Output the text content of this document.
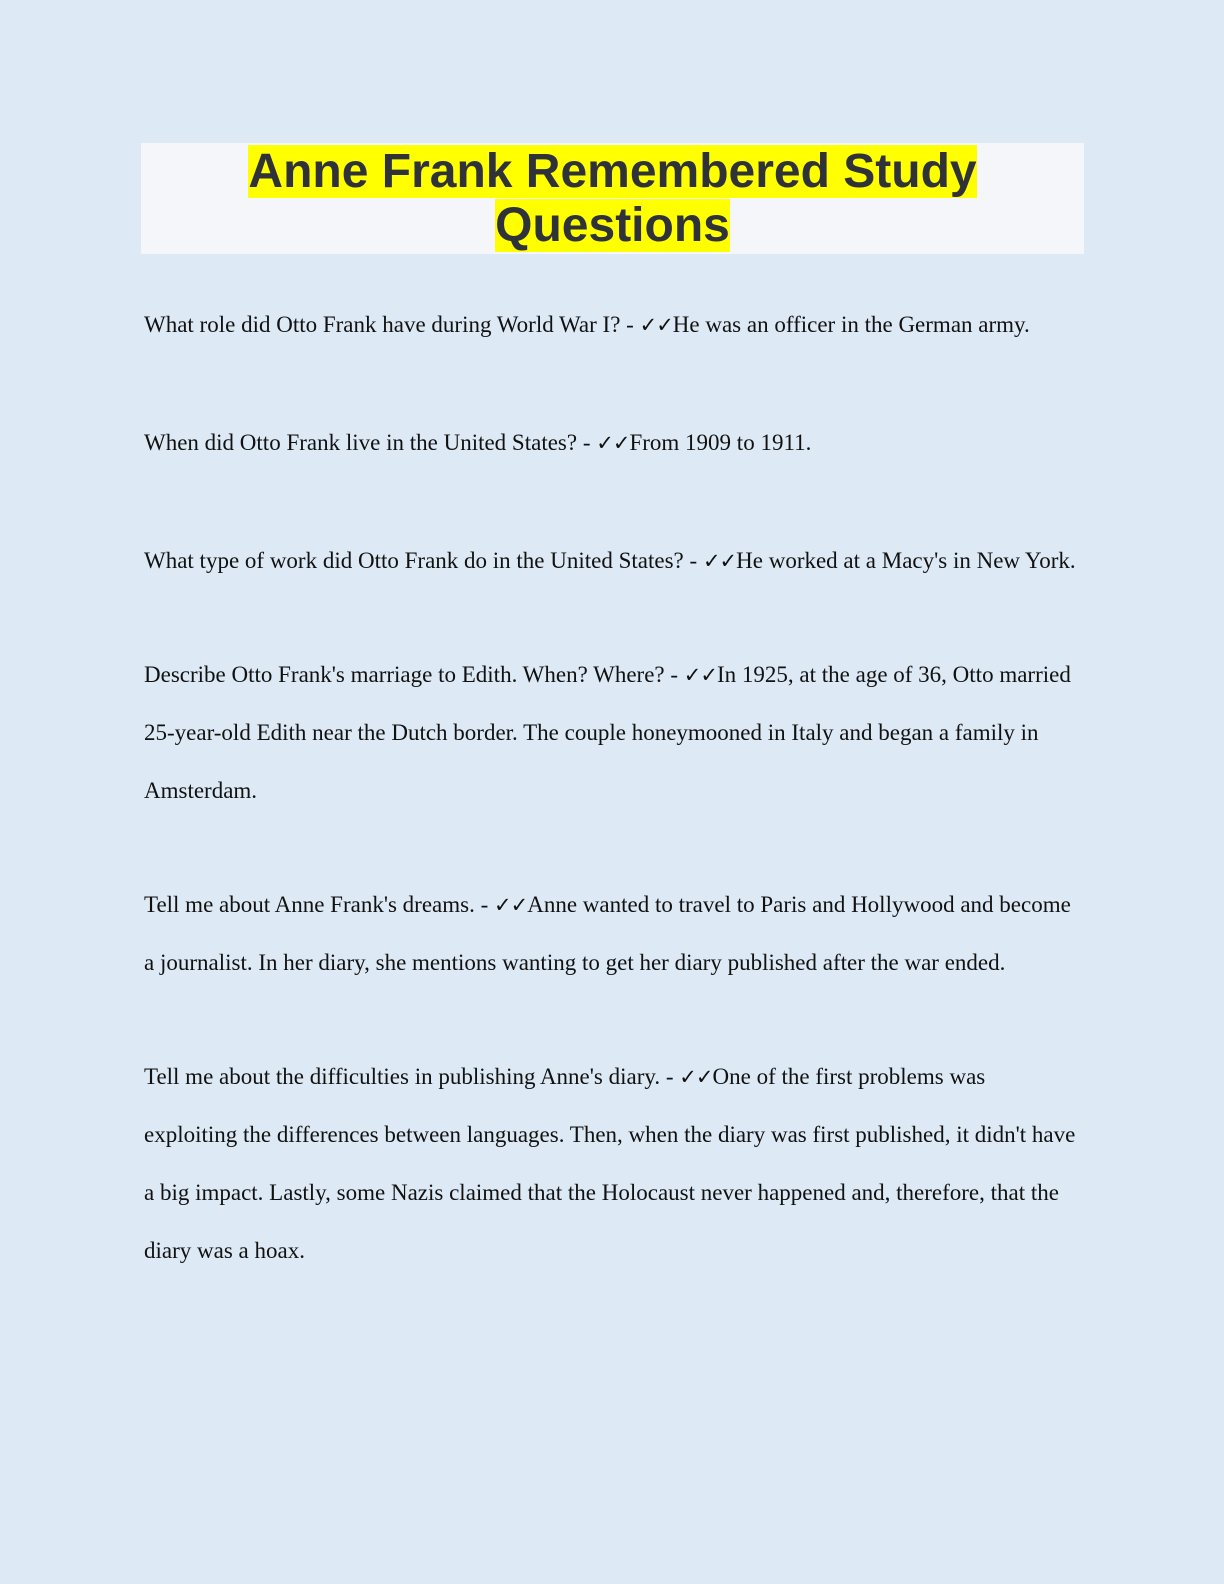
Anne Frank Remembered Study Questions

What role did Otto Frank have during World War I? - ✓✓He was an officer in the German army.

When did Otto Frank live in the United States? - ✓✓From 1909 to 1911.

What type of work did Otto Frank do in the United States? - ✓✓He worked at a Macy's in New York.

Describe Otto Frank's marriage to Edith. When? Where? - ✓✓In 1925, at the age of 36, Otto married 25-year-old Edith near the Dutch border. The couple honeymooned in Italy and began a family in Amsterdam.

Tell me about Anne Frank's dreams. - ✓✓Anne wanted to travel to Paris and Hollywood and become a journalist. In her diary, she mentions wanting to get her diary published after the war ended.

Tell me about the difficulties in publishing Anne's diary. - ✓✓One of the first problems was exploiting the differences between languages. Then, when the diary was first published, it didn't have a big impact. Lastly, some Nazis claimed that the Holocaust never happened and, therefore, that the diary was a hoax.
